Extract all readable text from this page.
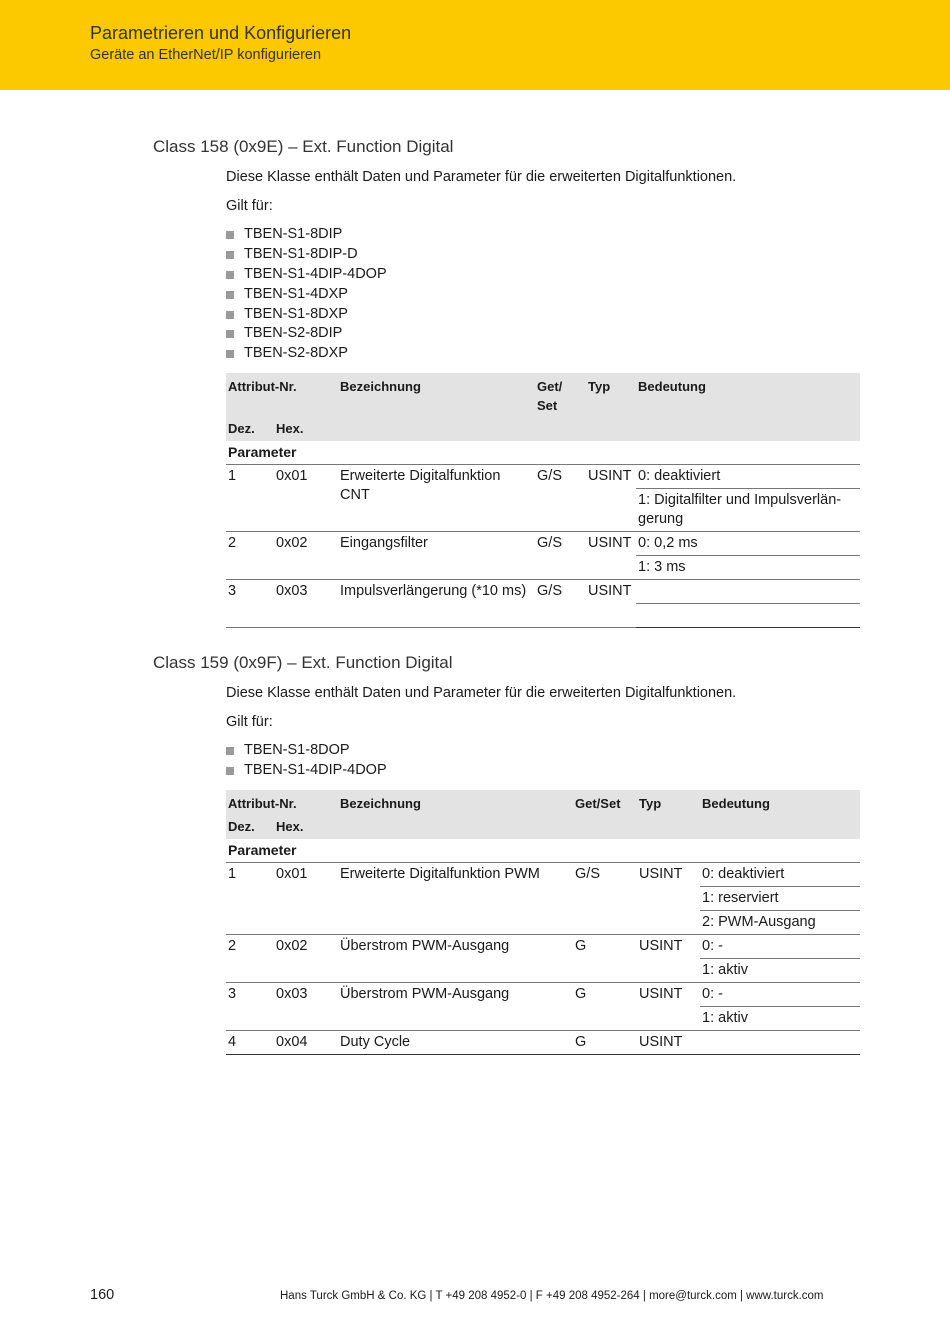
Parametrieren und Konfigurieren
Geräte an EtherNet/IP konfigurieren
Class 158 (0x9E) – Ext. Function Digital
Diese Klasse enthält Daten und Parameter für die erweiterten Digitalfunktionen.
Gilt für:
TBEN-S1-8DIP
TBEN-S1-8DIP-D
TBEN-S1-4DIP-4DOP
TBEN-S1-4DXP
TBEN-S1-8DXP
TBEN-S2-8DIP
TBEN-S2-8DXP
Attribut-Nr.		Bezeichnung	Get/
Set	Typ	Bedeutung
Dez.	Hex.				
Parameter					
1	0x01	Erweiterte Digitalfunktion CNT	G/S	USINT	0: deaktiviert
					1: Digitalfilter und Impulsverlängerung
2	0x02	Eingangsfilter	G/S	USINT	0: 0,2 ms
					1: 3 ms
3	0x03	Impulsverlängerung (*10 ms)	G/S	USINT	

Class 159 (0x9F) – Ext. Function Digital
Diese Klasse enthält Daten und Parameter für die erweiterten Digitalfunktionen.
Gilt für:
TBEN-S1-8DOP
TBEN-S1-4DIP-4DOP
Attribut-Nr.		Bezeichnung	Get/Set	Typ	Bedeutung
Dez.	Hex.				
Parameter					
1	0x01	Erweiterte Digitalfunktion PWM	G/S	USINT	0: deaktiviert
					1: reserviert
					2: PWM-Ausgang
2	0x02	Überstrom PWM-Ausgang	G	USINT	0: -
					1: aktiv
3	0x03	Überstrom PWM-Ausgang	G	USINT	0: -
					1: aktiv
4	0x04	Duty Cycle	G	USINT	
160	Hans Turck GmbH & Co. KG | T +49 208 4952-0 | F +49 208 4952-264 | more@turck.com | www.turck.com
